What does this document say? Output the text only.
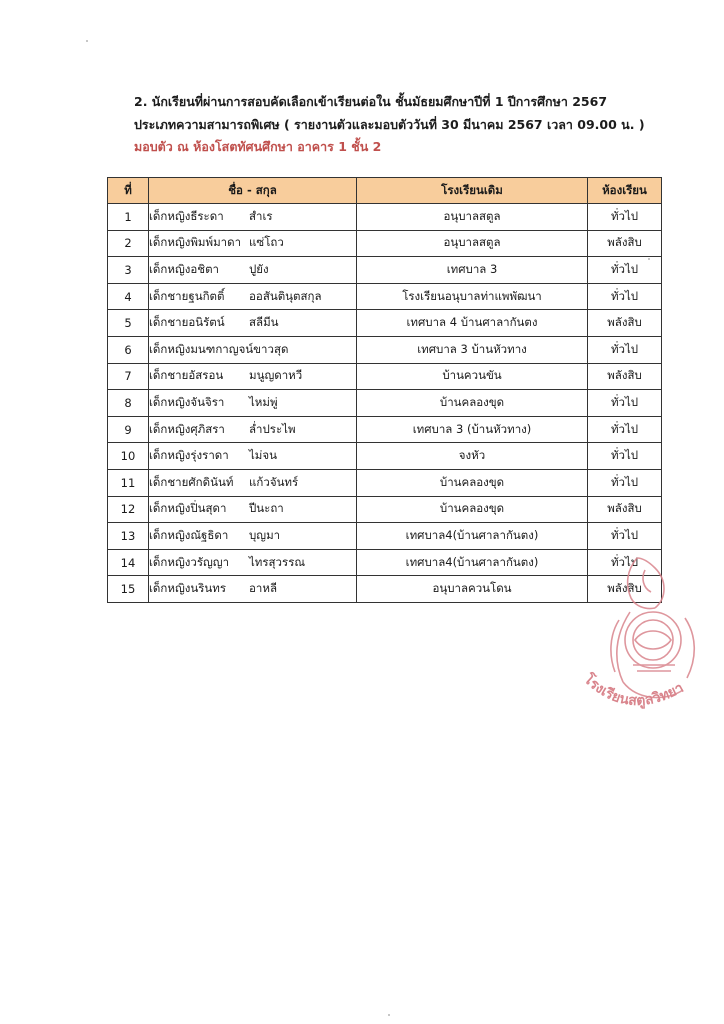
2. นักเรียนที่ผ่านการสอบคัดเลือกเข้าเรียนต่อใน ชั้นมัธยมศึกษาปีที่ 1 ปีการศึกษา 2567
ประเภทความสามารถพิเศษ ( รายงานตัวและมอบตัววันที่ 30 มีนาคม 2567 เวลา 09.00 น. )
มอบตัว ณ ห้องโสตทัศนศึกษา อาคาร 1 ชั้น 2
ที่	ชื่อ - สกุล	โรงเรียนเดิม	ห้องเรียน
1	เด็กหญิงธีระดา สำเร	อนุบาลสตูล	ทั่วไป
2	เด็กหญิงพิมพ์มาดา แซ่โถว	อนุบาลสตูล	พลังสิบ
3	เด็กหญิงอชิตา ปูยัง	เทศบาล 3	ทั่วไป
4	เด็กชายฐนกิตติ์ ออสันตินุตสกุล	โรงเรียนอนุบาลท่าแพพัฒนา	ทั่วไป
5	เด็กชายอนิรัตน์ สลีมีน	เทศบาล 4 บ้านศาลากันตง	พลังสิบ
6	เด็กหญิงมนฑกาญจน์ขาวสุด	เทศบาล 3 บ้านหัวทาง	ทั่วไป
7	เด็กชายอัสรอน มนูญดาหวี	บ้านควนขัน	พลังสิบ
8	เด็กหญิงจันจิรา ไหม่พู่	บ้านคลองขุด	ทั่วไป
9	เด็กหญิงศุภิสรา ล่ำประไพ	เทศบาล 3 (บ้านหัวทาง)	ทั่วไป
10	เด็กหญิงรุ่งราดา ไม่จน	จงหัว	ทั่วไป
11	เด็กชายศักดินันท์ แก้วจันทร์	บ้านคลองขุด	ทั่วไป
12	เด็กหญิงปิ่นสุดา ปีนะถา	บ้านคลองขุด	พลังสิบ
13	เด็กหญิงณัฐธิดา บุญมา	เทศบาล4(บ้านศาลากันตง)	ทั่วไป
14	เด็กหญิงวรัญญา ไทรสุวรรณ	เทศบาล4(บ้านศาลากันตง)	ทั่วไป
15	เด็กหญิงนรินทร อาหลี	อนุบาลควนโดน	พลังสิบ
โรงเรียนสตูลวิทยา
